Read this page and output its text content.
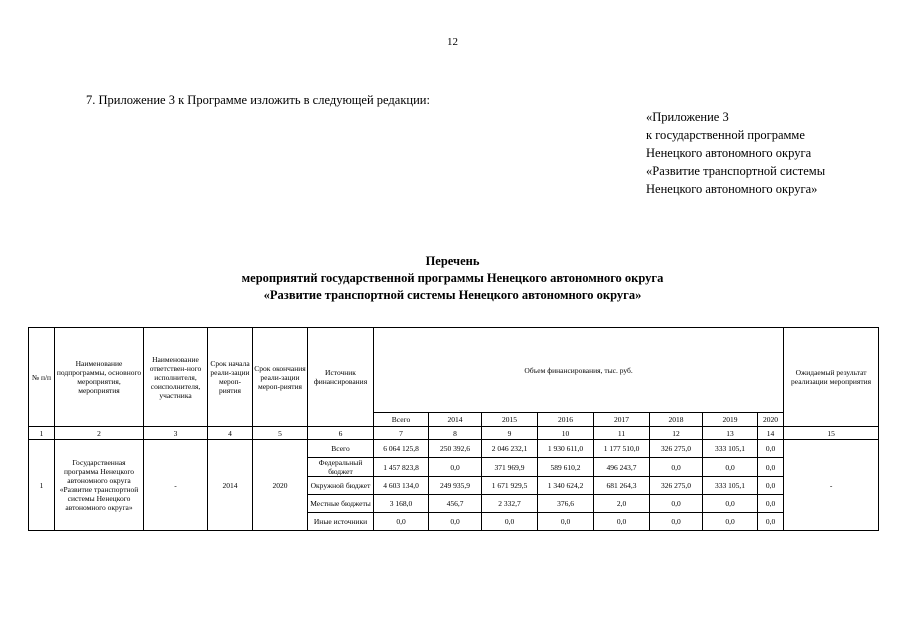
12
7. Приложение 3 к Программе изложить в следующей редакции:
«Приложение 3
к государственной программе
Ненецкого автономного округа
«Развитие транспортной системы
Ненецкого автономного округа»
Перечень
мероприятий государственной программы Ненецкого автономного округа
«Развитие транспортной системы Ненецкого автономного округа»
№ п/п	Наименование подпрограммы, основного мероприятия, мероприятия	Наименование ответствен-ного исполнителя, соисполнителя, участника	Срок начала реали-зации мероп-риятия	Срок окончания реали-зации мероп-риятия	Источник финансирования	Объем финансирования, тыс. руб.								Ожидаемый результат реализации мероприятия
						Всего	2014	2015	2016	2017	2018	2019	2020	
1	2	3	4	5	6	7	8	9	10	11	12	13	14	15
1	Государственная программа Ненецкого автономного округа «Развитие транспортной системы Ненецкого автономного округа»	-	2014	2020	Всего	6 064 125,8	250 392,6	2 046 232,1	1 930 611,0	1 177 510,0	326 275,0	333 105,1	0,0	-
					Федеральный бюджет	1 457 823,8	0,0	371 969,9	589 610,2	496 243,7	0,0	0,0	0,0	
					Окружной бюджет	4 603 134,0	249 935,9	1 671 929,5	1 340 624,2	681 264,3	326 275,0	333 105,1	0,0	
					Местные бюджеты	3 168,0	456,7	2 332,7	376,6	2,0	0,0	0,0	0,0	
					Иные источники	0,0	0,0	0,0	0,0	0,0	0,0	0,0	0,0	
